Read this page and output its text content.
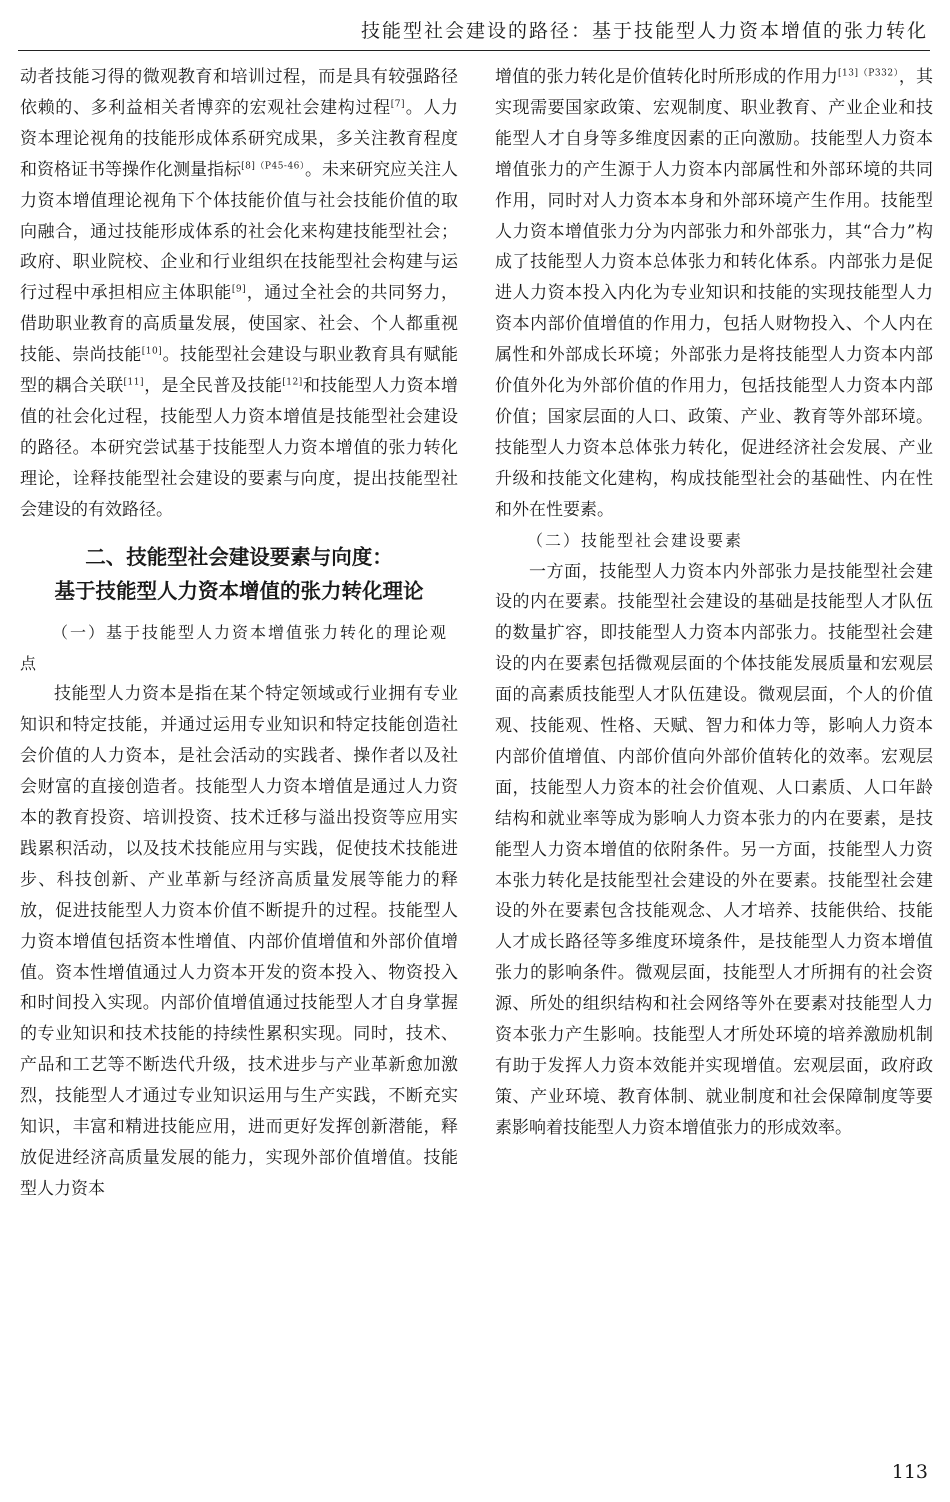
技能型社会建设的路径：基于技能型人力资本增值的张力转化

动者技能习得的微观教育和培训过程，而是具有较强路径依赖的、多利益相关者博弈的宏观社会建构过程[7]。人力资本理论视角的技能形成体系研究成果，多关注教育程度和资格证书等操作化测量指标$^{[8](P45-46)}$。未来研究应关注人力资本增值理论视角下个体技能价值与社会技能价值的取向融合，通过技能形成体系的社会化来构建技能型社会；政府、职业院校、企业和行业组织在技能型社会构建与运行过程中承担相应主体职能[9]，通过全社会的共同努力，借助职业教育的高质量发展，使国家、社会、个人都重视技能、崇尚技能[10]。技能型社会建设与职业教育具有赋能型的耦合关联[11]，是全民普及技能[12]和技能型人力资本增值的社会化过程，技能型人力资本增值是技能型社会建设的路径。本研究尝试基于技能型人力资本增值的张力转化理论，诠释技能型社会建设的要素与向度，提出技能型社会建设的有效路径。

二、技能型社会建设要素与向度：
基于技能型人力资本增值的张力转化理论

（一）基于技能型人力资本增值张力转化的理论观点

技能型人力资本是指在某个特定领域或行业拥有专业知识和特定技能，并通过运用专业知识和特定技能创造社会价值的人力资本，是社会活动的实践者、操作者以及社会财富的直接创造者。技能型人力资本增值是通过人力资本的教育投资、培训投资、技术迁移与溢出投资等应用实践累积活动，以及技术技能应用与实践，促使技术技能进步、科技创新、产业革新与经济高质量发展等能力的释放，促进技能型人力资本价值不断提升的过程。技能型人力资本增值包括资本性增值、内部价值增值和外部价值增值。资本性增值通过人力资本开发的资本投入、物资投入和时间投入实现。内部价值增值通过技能型人才自身掌握的专业知识和技术技能的持续性累积实现。同时，技术、产品和工艺等不断迭代升级，技术进步与产业革新愈加激烈，技能型人才通过专业知识运用与生产实践，不断充实知识，丰富和精进技能应用，进而更好发挥创新潜能，释放促进经济高质量发展的能力，实现外部价值增值。技能型人力资本

增值的张力转化是价值转化时所形成的作用力$^{[13](P332)}$，其实现需要国家政策、宏观制度、职业教育、产业企业和技能型人才自身等多维度因素的正向激励。技能型人力资本增值张力的产生源于人力资本内部属性和外部环境的共同作用，同时对人力资本本身和外部环境产生作用。技能型人力资本增值张力分为内部张力和外部张力，其“合力”构成了技能型人力资本总体张力和转化体系。内部张力是促进人力资本投入内化为专业知识和技能的实现技能型人力资本内部价值增值的作用力，包括人财物投入、个人内在属性和外部成长环境；外部张力是将技能型人力资本内部价值外化为外部价值的作用力，包括技能型人力资本内部价值；国家层面的人口、政策、产业、教育等外部环境。技能型人力资本总体张力转化，促进经济社会发展、产业升级和技能文化建构，构成技能型社会的基础性、内在性和外在性要素。

（二）技能型社会建设要素

一方面，技能型人力资本内外部张力是技能型社会建设的内在要素。技能型社会建设的基础是技能型人才队伍的数量扩容，即技能型人力资本内部张力。技能型社会建设的内在要素包括微观层面的个体技能发展质量和宏观层面的高素质技能型人才队伍建设。微观层面，个人的价值观、技能观、性格、天赋、智力和体力等，影响人力资本内部价值增值、内部价值向外部价值转化的效率。宏观层面，技能型人力资本的社会价值观、人口素质、人口年龄结构和就业率等成为影响人力资本张力的内在要素，是技能型人力资本增值的依附条件。另一方面，技能型人力资本张力转化是技能型社会建设的外在要素。技能型社会建设的外在要素包含技能观念、人才培养、技能供给、技能人才成长路径等多维度环境条件，是技能型人力资本增值张力的影响条件。微观层面，技能型人才所拥有的社会资源、所处的组织结构和社会网络等外在要素对技能型人力资本张力产生影响。技能型人才所处环境的培养激励机制有助于发挥人力资本效能并实现增值。宏观层面，政府政策、产业环境、教育体制、就业制度和社会保障制度等要素影响着技能型人力资本增值张力的形成效率。

113
